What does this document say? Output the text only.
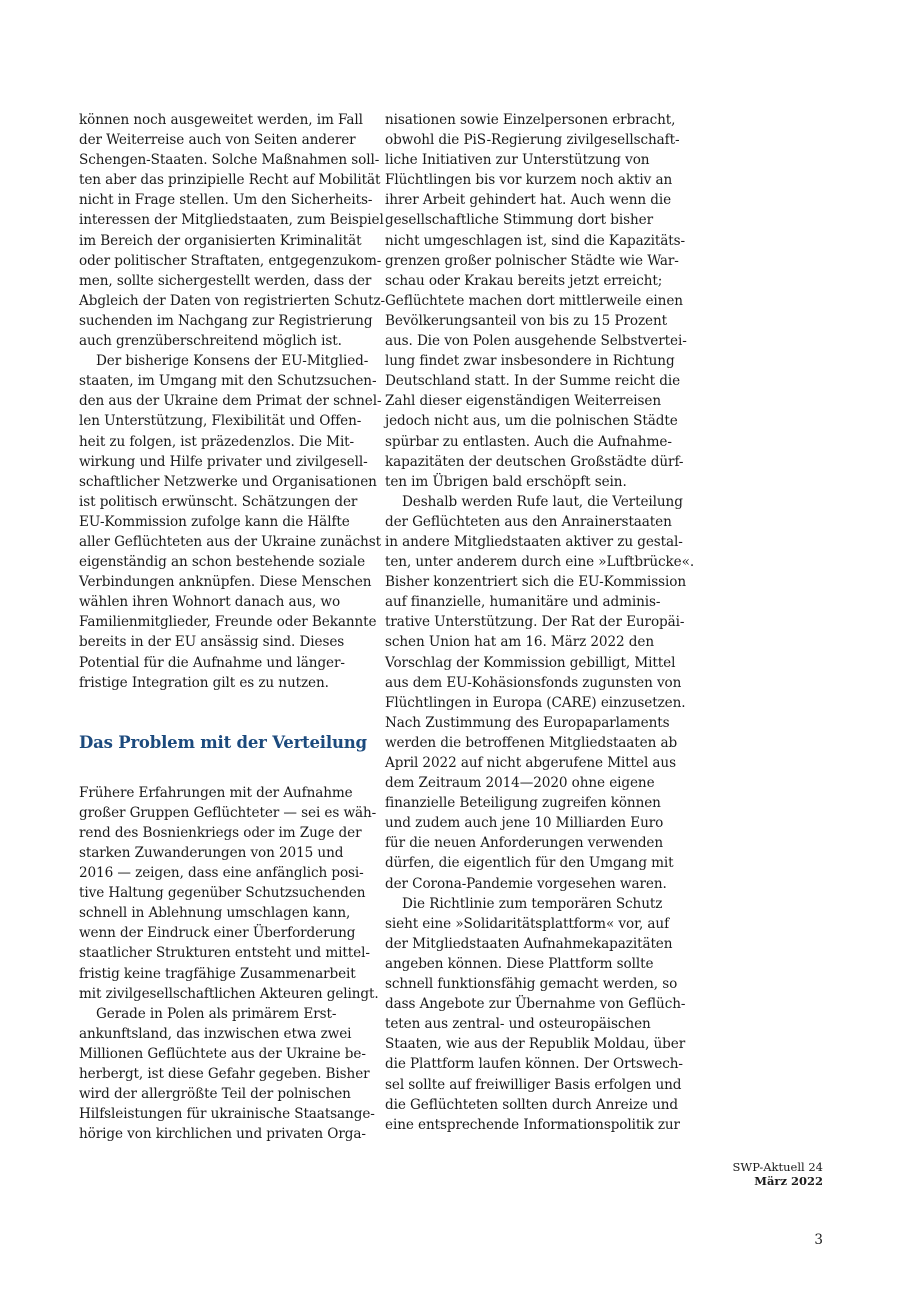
können noch ausgeweitet werden, im Fall
der Weiterreise auch von Seiten anderer
Schengen-Staaten. Solche Maßnahmen soll-
ten aber das prinzipielle Recht auf Mobilität
nicht in Frage stellen. Um den Sicherheits-
interessen der Mitgliedstaaten, zum Beispiel
im Bereich der organisierten Kriminalität
oder politischer Straftaten, entgegenzukom-
men, sollte sichergestellt werden, dass der
Abgleich der Daten von registrierten Schutz-
suchenden im Nachgang zur Registrierung
auch grenzüberschreitend möglich ist.
Der bisherige Konsens der EU-Mitglied-
staaten, im Umgang mit den Schutzsuchen-
den aus der Ukraine dem Primat der schnel-
len Unterstützung, Flexibilität und Offen-
heit zu folgen, ist präzedenzlos. Die Mit-
wirkung und Hilfe privater und zivilgesell-
schaftlicher Netzwerke und Organisationen
ist politisch erwünscht. Schätzungen der
EU-Kommission zufolge kann die Hälfte
aller Geflüchteten aus der Ukraine zunächst
eigenständig an schon bestehende soziale
Verbindungen anknüpfen. Diese Menschen
wählen ihren Wohnort danach aus, wo
Familienmitglieder, Freunde oder Bekannte
bereits in der EU ansässig sind. Dieses
Potential für die Aufnahme und länger-
fristige Integration gilt es zu nutzen.
Das Problem mit der Verteilung
Frühere Erfahrungen mit der Aufnahme
großer Gruppen Geflüchteter — sei es wäh-
rend des Bosnienkriegs oder im Zuge der
starken Zuwanderungen von 2015 und
2016 — zeigen, dass eine anfänglich posi-
tive Haltung gegenüber Schutzsuchenden
schnell in Ablehnung umschlagen kann,
wenn der Eindruck einer Überforderung
staatlicher Strukturen entsteht und mittel-
fristig keine tragfähige Zusammenarbeit
mit zivilgesellschaftlichen Akteuren gelingt.
Gerade in Polen als primärem Erst-
ankunftsland, das inzwischen etwa zwei
Millionen Geflüchtete aus der Ukraine be-
herbergt, ist diese Gefahr gegeben. Bisher
wird der allergrößte Teil der polnischen
Hilfsleistungen für ukrainische Staatsange-
hörige von kirchlichen und privaten Orga-
nisationen sowie Einzelpersonen erbracht,
obwohl die PiS-Regierung zivilgesellschaft-
liche Initiativen zur Unterstützung von
Flüchtlingen bis vor kurzem noch aktiv an
ihrer Arbeit gehindert hat. Auch wenn die
gesellschaftliche Stimmung dort bisher
nicht umgeschlagen ist, sind die Kapazitäts-
grenzen großer polnischer Städte wie War-
schau oder Krakau bereits jetzt erreicht;
Geflüchtete machen dort mittlerweile einen
Bevölkerungsanteil von bis zu 15 Prozent
aus. Die von Polen ausgehende Selbstvertei-
lung findet zwar insbesondere in Richtung
Deutschland statt. In der Summe reicht die
Zahl dieser eigenständigen Weiterreisen
jedoch nicht aus, um die polnischen Städte
spürbar zu entlasten. Auch die Aufnahme-
kapazitäten der deutschen Großstädte dürf-
ten im Übrigen bald erschöpft sein.
Deshalb werden Rufe laut, die Verteilung
der Geflüchteten aus den Anrainerstaaten
in andere Mitgliedstaaten aktiver zu gestal-
ten, unter anderem durch eine »Luftbrücke«.
Bisher konzentriert sich die EU-Kommission
auf finanzielle, humanitäre und adminis-
trative Unterstützung. Der Rat der Europäi-
schen Union hat am 16. März 2022 den
Vorschlag der Kommission gebilligt, Mittel
aus dem EU-Kohäsionsfonds zugunsten von
Flüchtlingen in Europa (CARE) einzusetzen.
Nach Zustimmung des Europaparlaments
werden die betroffenen Mitgliedstaaten ab
April 2022 auf nicht abgerufene Mittel aus
dem Zeitraum 2014—2020 ohne eigene
finanzielle Beteiligung zugreifen können
und zudem auch jene 10 Milliarden Euro
für die neuen Anforderungen verwenden
dürfen, die eigentlich für den Umgang mit
der Corona-Pandemie vorgesehen waren.
Die Richtlinie zum temporären Schutz
sieht eine »Solidaritätsplattform« vor, auf
der Mitgliedstaaten Aufnahmekapazitäten
angeben können. Diese Plattform sollte
schnell funktionsfähig gemacht werden, so
dass Angebote zur Übernahme von Geflüch-
teten aus zentral- und osteuropäischen
Staaten, wie aus der Republik Moldau, über
die Plattform laufen können. Der Ortswech-
sel sollte auf freiwilliger Basis erfolgen und
die Geflüchteten sollten durch Anreize und
eine entsprechende Informationspolitik zur
SWP-Aktuell 24
März 2022
3
